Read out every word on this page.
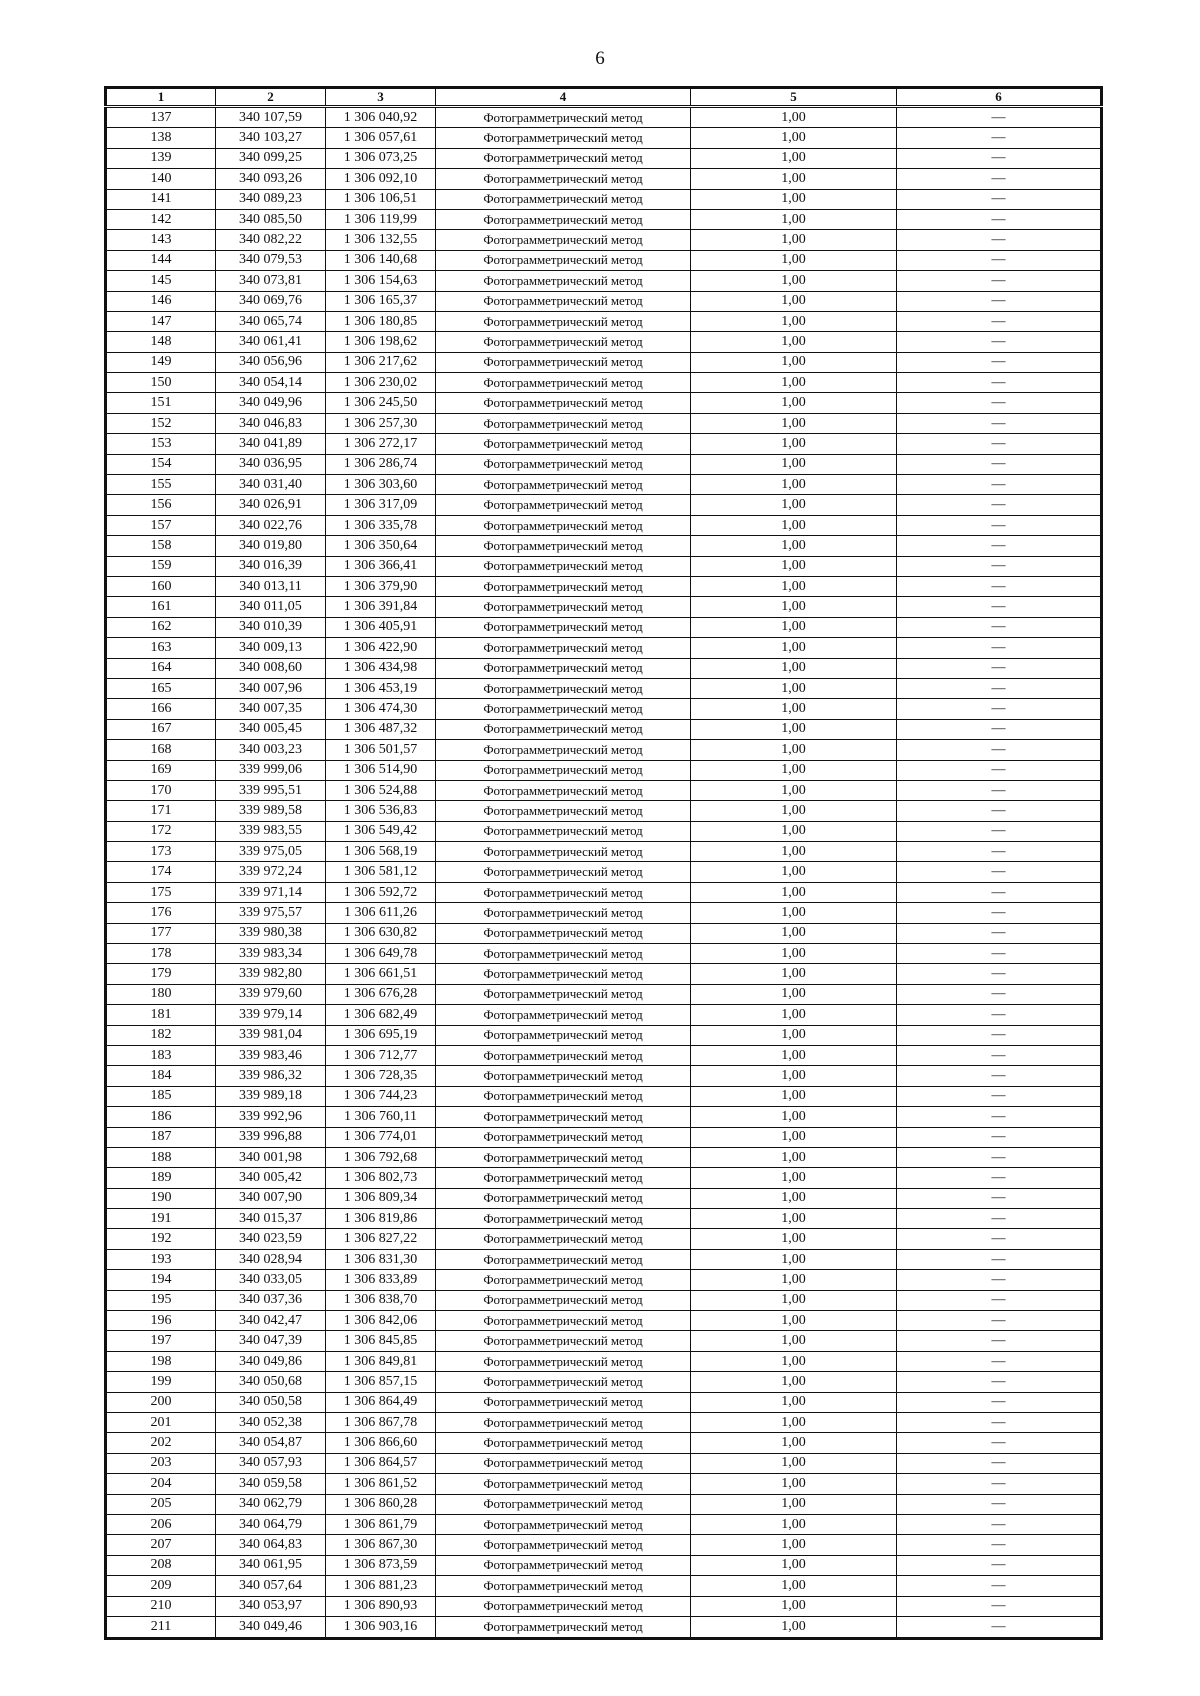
6
1	2	3	4	5	6
137	340 107,59	1 306 040,92	Фотограмметрический метод	1,00	—
138	340 103,27	1 306 057,61	Фотограмметрический метод	1,00	—
139	340 099,25	1 306 073,25	Фотограмметрический метод	1,00	—
140	340 093,26	1 306 092,10	Фотограмметрический метод	1,00	—
141	340 089,23	1 306 106,51	Фотограмметрический метод	1,00	—
142	340 085,50	1 306 119,99	Фотограмметрический метод	1,00	—
143	340 082,22	1 306 132,55	Фотограмметрический метод	1,00	—
144	340 079,53	1 306 140,68	Фотограмметрический метод	1,00	—
145	340 073,81	1 306 154,63	Фотограмметрический метод	1,00	—
146	340 069,76	1 306 165,37	Фотограмметрический метод	1,00	—
147	340 065,74	1 306 180,85	Фотограмметрический метод	1,00	—
148	340 061,41	1 306 198,62	Фотограмметрический метод	1,00	—
149	340 056,96	1 306 217,62	Фотограмметрический метод	1,00	—
150	340 054,14	1 306 230,02	Фотограмметрический метод	1,00	—
151	340 049,96	1 306 245,50	Фотограмметрический метод	1,00	—
152	340 046,83	1 306 257,30	Фотограмметрический метод	1,00	—
153	340 041,89	1 306 272,17	Фотограмметрический метод	1,00	—
154	340 036,95	1 306 286,74	Фотограмметрический метод	1,00	—
155	340 031,40	1 306 303,60	Фотограмметрический метод	1,00	—
156	340 026,91	1 306 317,09	Фотограмметрический метод	1,00	—
157	340 022,76	1 306 335,78	Фотограмметрический метод	1,00	—
158	340 019,80	1 306 350,64	Фотограмметрический метод	1,00	—
159	340 016,39	1 306 366,41	Фотограмметрический метод	1,00	—
160	340 013,11	1 306 379,90	Фотограмметрический метод	1,00	—
161	340 011,05	1 306 391,84	Фотограмметрический метод	1,00	—
162	340 010,39	1 306 405,91	Фотограмметрический метод	1,00	—
163	340 009,13	1 306 422,90	Фотограмметрический метод	1,00	—
164	340 008,60	1 306 434,98	Фотограмметрический метод	1,00	—
165	340 007,96	1 306 453,19	Фотограмметрический метод	1,00	—
166	340 007,35	1 306 474,30	Фотограмметрический метод	1,00	—
167	340 005,45	1 306 487,32	Фотограмметрический метод	1,00	—
168	340 003,23	1 306 501,57	Фотограмметрический метод	1,00	—
169	339 999,06	1 306 514,90	Фотограмметрический метод	1,00	—
170	339 995,51	1 306 524,88	Фотограмметрический метод	1,00	—
171	339 989,58	1 306 536,83	Фотограмметрический метод	1,00	—
172	339 983,55	1 306 549,42	Фотограмметрический метод	1,00	—
173	339 975,05	1 306 568,19	Фотограмметрический метод	1,00	—
174	339 972,24	1 306 581,12	Фотограмметрический метод	1,00	—
175	339 971,14	1 306 592,72	Фотограмметрический метод	1,00	—
176	339 975,57	1 306 611,26	Фотограмметрический метод	1,00	—
177	339 980,38	1 306 630,82	Фотограмметрический метод	1,00	—
178	339 983,34	1 306 649,78	Фотограмметрический метод	1,00	—
179	339 982,80	1 306 661,51	Фотограмметрический метод	1,00	—
180	339 979,60	1 306 676,28	Фотограмметрический метод	1,00	—
181	339 979,14	1 306 682,49	Фотограмметрический метод	1,00	—
182	339 981,04	1 306 695,19	Фотограмметрический метод	1,00	—
183	339 983,46	1 306 712,77	Фотограмметрический метод	1,00	—
184	339 986,32	1 306 728,35	Фотограмметрический метод	1,00	—
185	339 989,18	1 306 744,23	Фотограмметрический метод	1,00	—
186	339 992,96	1 306 760,11	Фотограмметрический метод	1,00	—
187	339 996,88	1 306 774,01	Фотограмметрический метод	1,00	—
188	340 001,98	1 306 792,68	Фотограмметрический метод	1,00	—
189	340 005,42	1 306 802,73	Фотограмметрический метод	1,00	—
190	340 007,90	1 306 809,34	Фотограмметрический метод	1,00	—
191	340 015,37	1 306 819,86	Фотограмметрический метод	1,00	—
192	340 023,59	1 306 827,22	Фотограмметрический метод	1,00	—
193	340 028,94	1 306 831,30	Фотограмметрический метод	1,00	—
194	340 033,05	1 306 833,89	Фотограмметрический метод	1,00	—
195	340 037,36	1 306 838,70	Фотограмметрический метод	1,00	—
196	340 042,47	1 306 842,06	Фотограмметрический метод	1,00	—
197	340 047,39	1 306 845,85	Фотограмметрический метод	1,00	—
198	340 049,86	1 306 849,81	Фотограмметрический метод	1,00	—
199	340 050,68	1 306 857,15	Фотограмметрический метод	1,00	—
200	340 050,58	1 306 864,49	Фотограмметрический метод	1,00	—
201	340 052,38	1 306 867,78	Фотограмметрический метод	1,00	—
202	340 054,87	1 306 866,60	Фотограмметрический метод	1,00	—
203	340 057,93	1 306 864,57	Фотограмметрический метод	1,00	—
204	340 059,58	1 306 861,52	Фотограмметрический метод	1,00	—
205	340 062,79	1 306 860,28	Фотограмметрический метод	1,00	—
206	340 064,79	1 306 861,79	Фотограмметрический метод	1,00	—
207	340 064,83	1 306 867,30	Фотограмметрический метод	1,00	—
208	340 061,95	1 306 873,59	Фотограмметрический метод	1,00	—
209	340 057,64	1 306 881,23	Фотограмметрический метод	1,00	—
210	340 053,97	1 306 890,93	Фотограмметрический метод	1,00	—
211	340 049,46	1 306 903,16	Фотограмметрический метод	1,00	—
